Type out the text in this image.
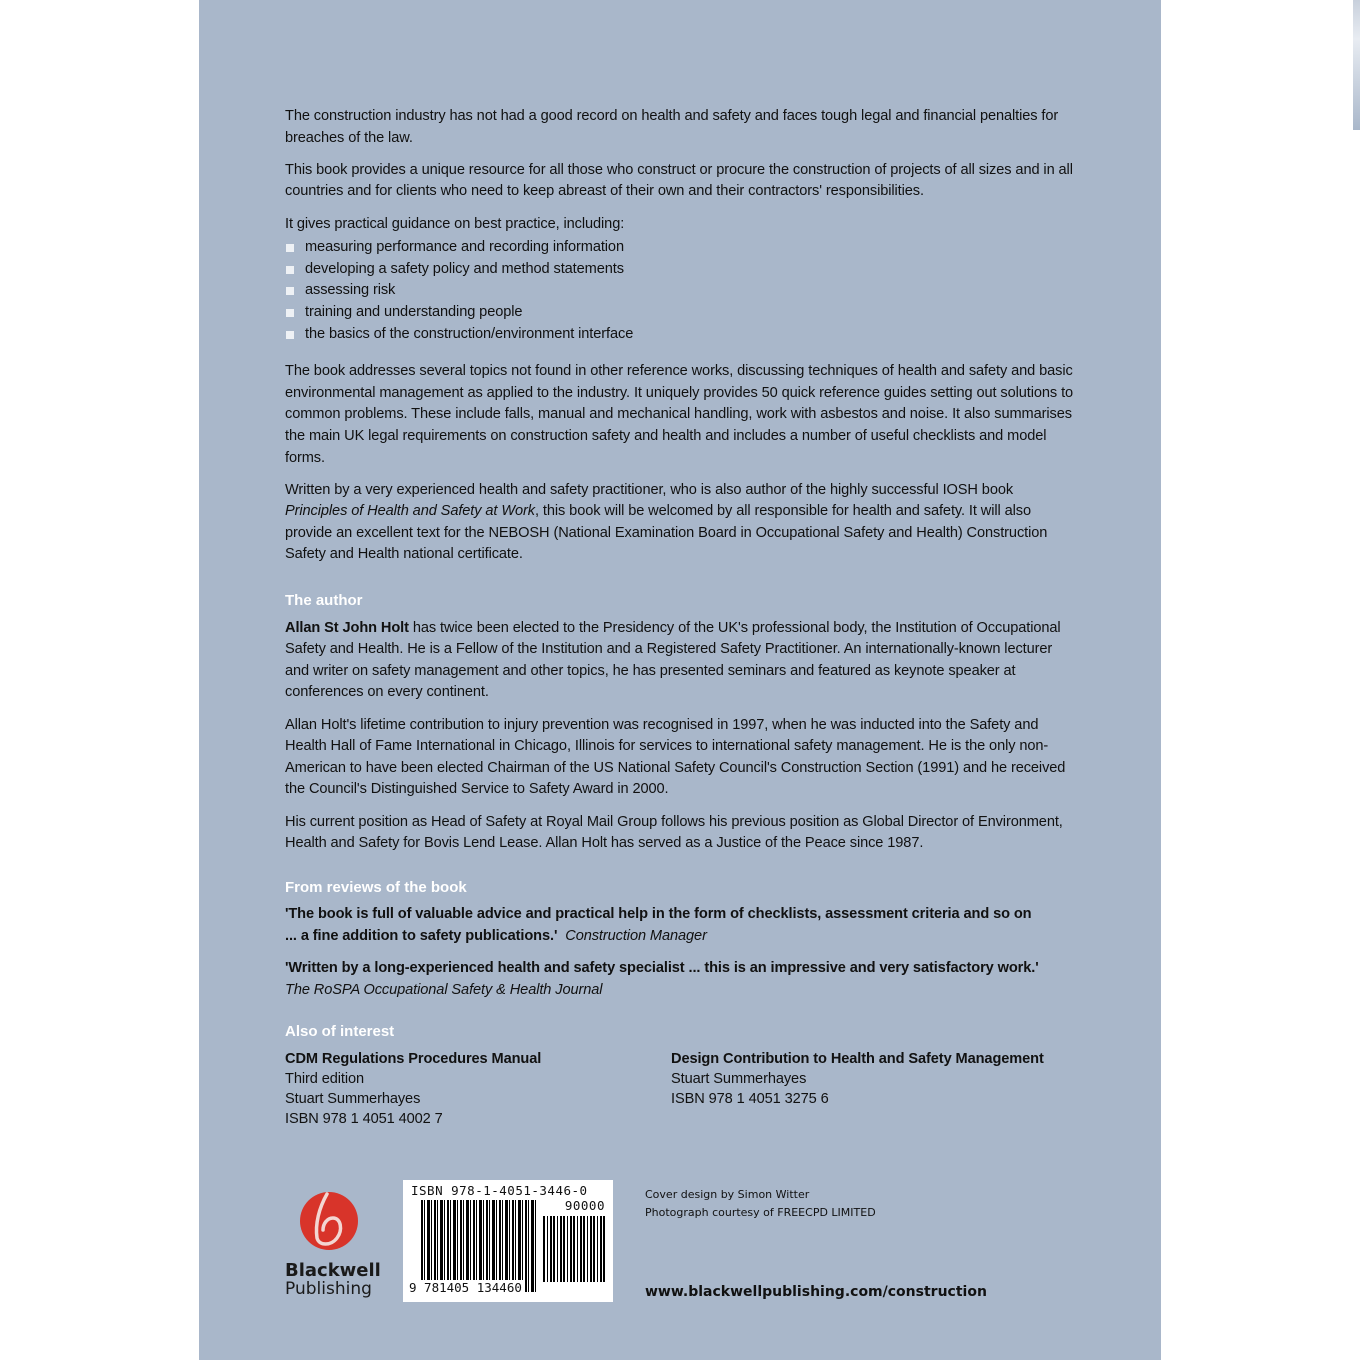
The construction industry has not had a good record on health and safety and faces tough legal and financial penalties for breaches of the law.

This book provides a unique resource for all those who construct or procure the construction of projects of all sizes and in all countries and for clients who need to keep abreast of their own and their contractors' responsibilities.

It gives practical guidance on best practice, including:

measuring performance and recording information
developing a safety policy and method statements
assessing risk
training and understanding people
the basics of the construction/environment interface

The book addresses several topics not found in other reference works, discussing techniques of health and safety and basic environmental management as applied to the industry. It uniquely provides 50 quick reference guides setting out solutions to common problems. These include falls, manual and mechanical handling, work with asbestos and noise. It also summarises the main UK legal requirements on construction safety and health and includes a number of useful checklists and model forms.

Written by a very experienced health and safety practitioner, who is also author of the highly successful IOSH book Principles of Health and Safety at Work, this book will be welcomed by all responsible for health and safety. It will also provide an excellent text for the NEBOSH (National Examination Board in Occupational Safety and Health) Construction Safety and Health national certificate.

The author

Allan St John Holt has twice been elected to the Presidency of the UK's professional body, the Institution of Occupational Safety and Health. He is a Fellow of the Institution and a Registered Safety Practitioner. An internationally-known lecturer and writer on safety management and other topics, he has presented seminars and featured as keynote speaker at conferences on every continent.

Allan Holt's lifetime contribution to injury prevention was recognised in 1997, when he was inducted into the Safety and Health Hall of Fame International in Chicago, Illinois for services to international safety management. He is the only non-American to have been elected Chairman of the US National Safety Council's Construction Section (1991) and he received the Council's Distinguished Service to Safety Award in 2000.

His current position as Head of Safety at Royal Mail Group follows his previous position as Global Director of Environment, Health and Safety for Bovis Lend Lease. Allan Holt has served as a Justice of the Peace since 1987.

From reviews of the book

'The book is full of valuable advice and practical help in the form of checklists, assessment criteria and so on
... a fine addition to safety publications.' Construction Manager

'Written by a long-experienced health and safety specialist ... this is an impressive and very satisfactory work.'
The RoSPA Occupational Safety & Health Journal

Also of interest
CDM Regulations Procedures Manual
Third edition
Stuart Summerhayes
ISBN 978 1 4051 4002 7
Design Contribution to Health and Safety Management
Stuart Summerhayes
ISBN 978 1 4051 3275 6
Blackwell
Publishing
ISBN 978-1-4051-3446-0
90000
9 781405 134460
Cover design by Simon Witter
Photograph courtesy of FREECPD LIMITED
www.blackwellpublishing.com/construction
